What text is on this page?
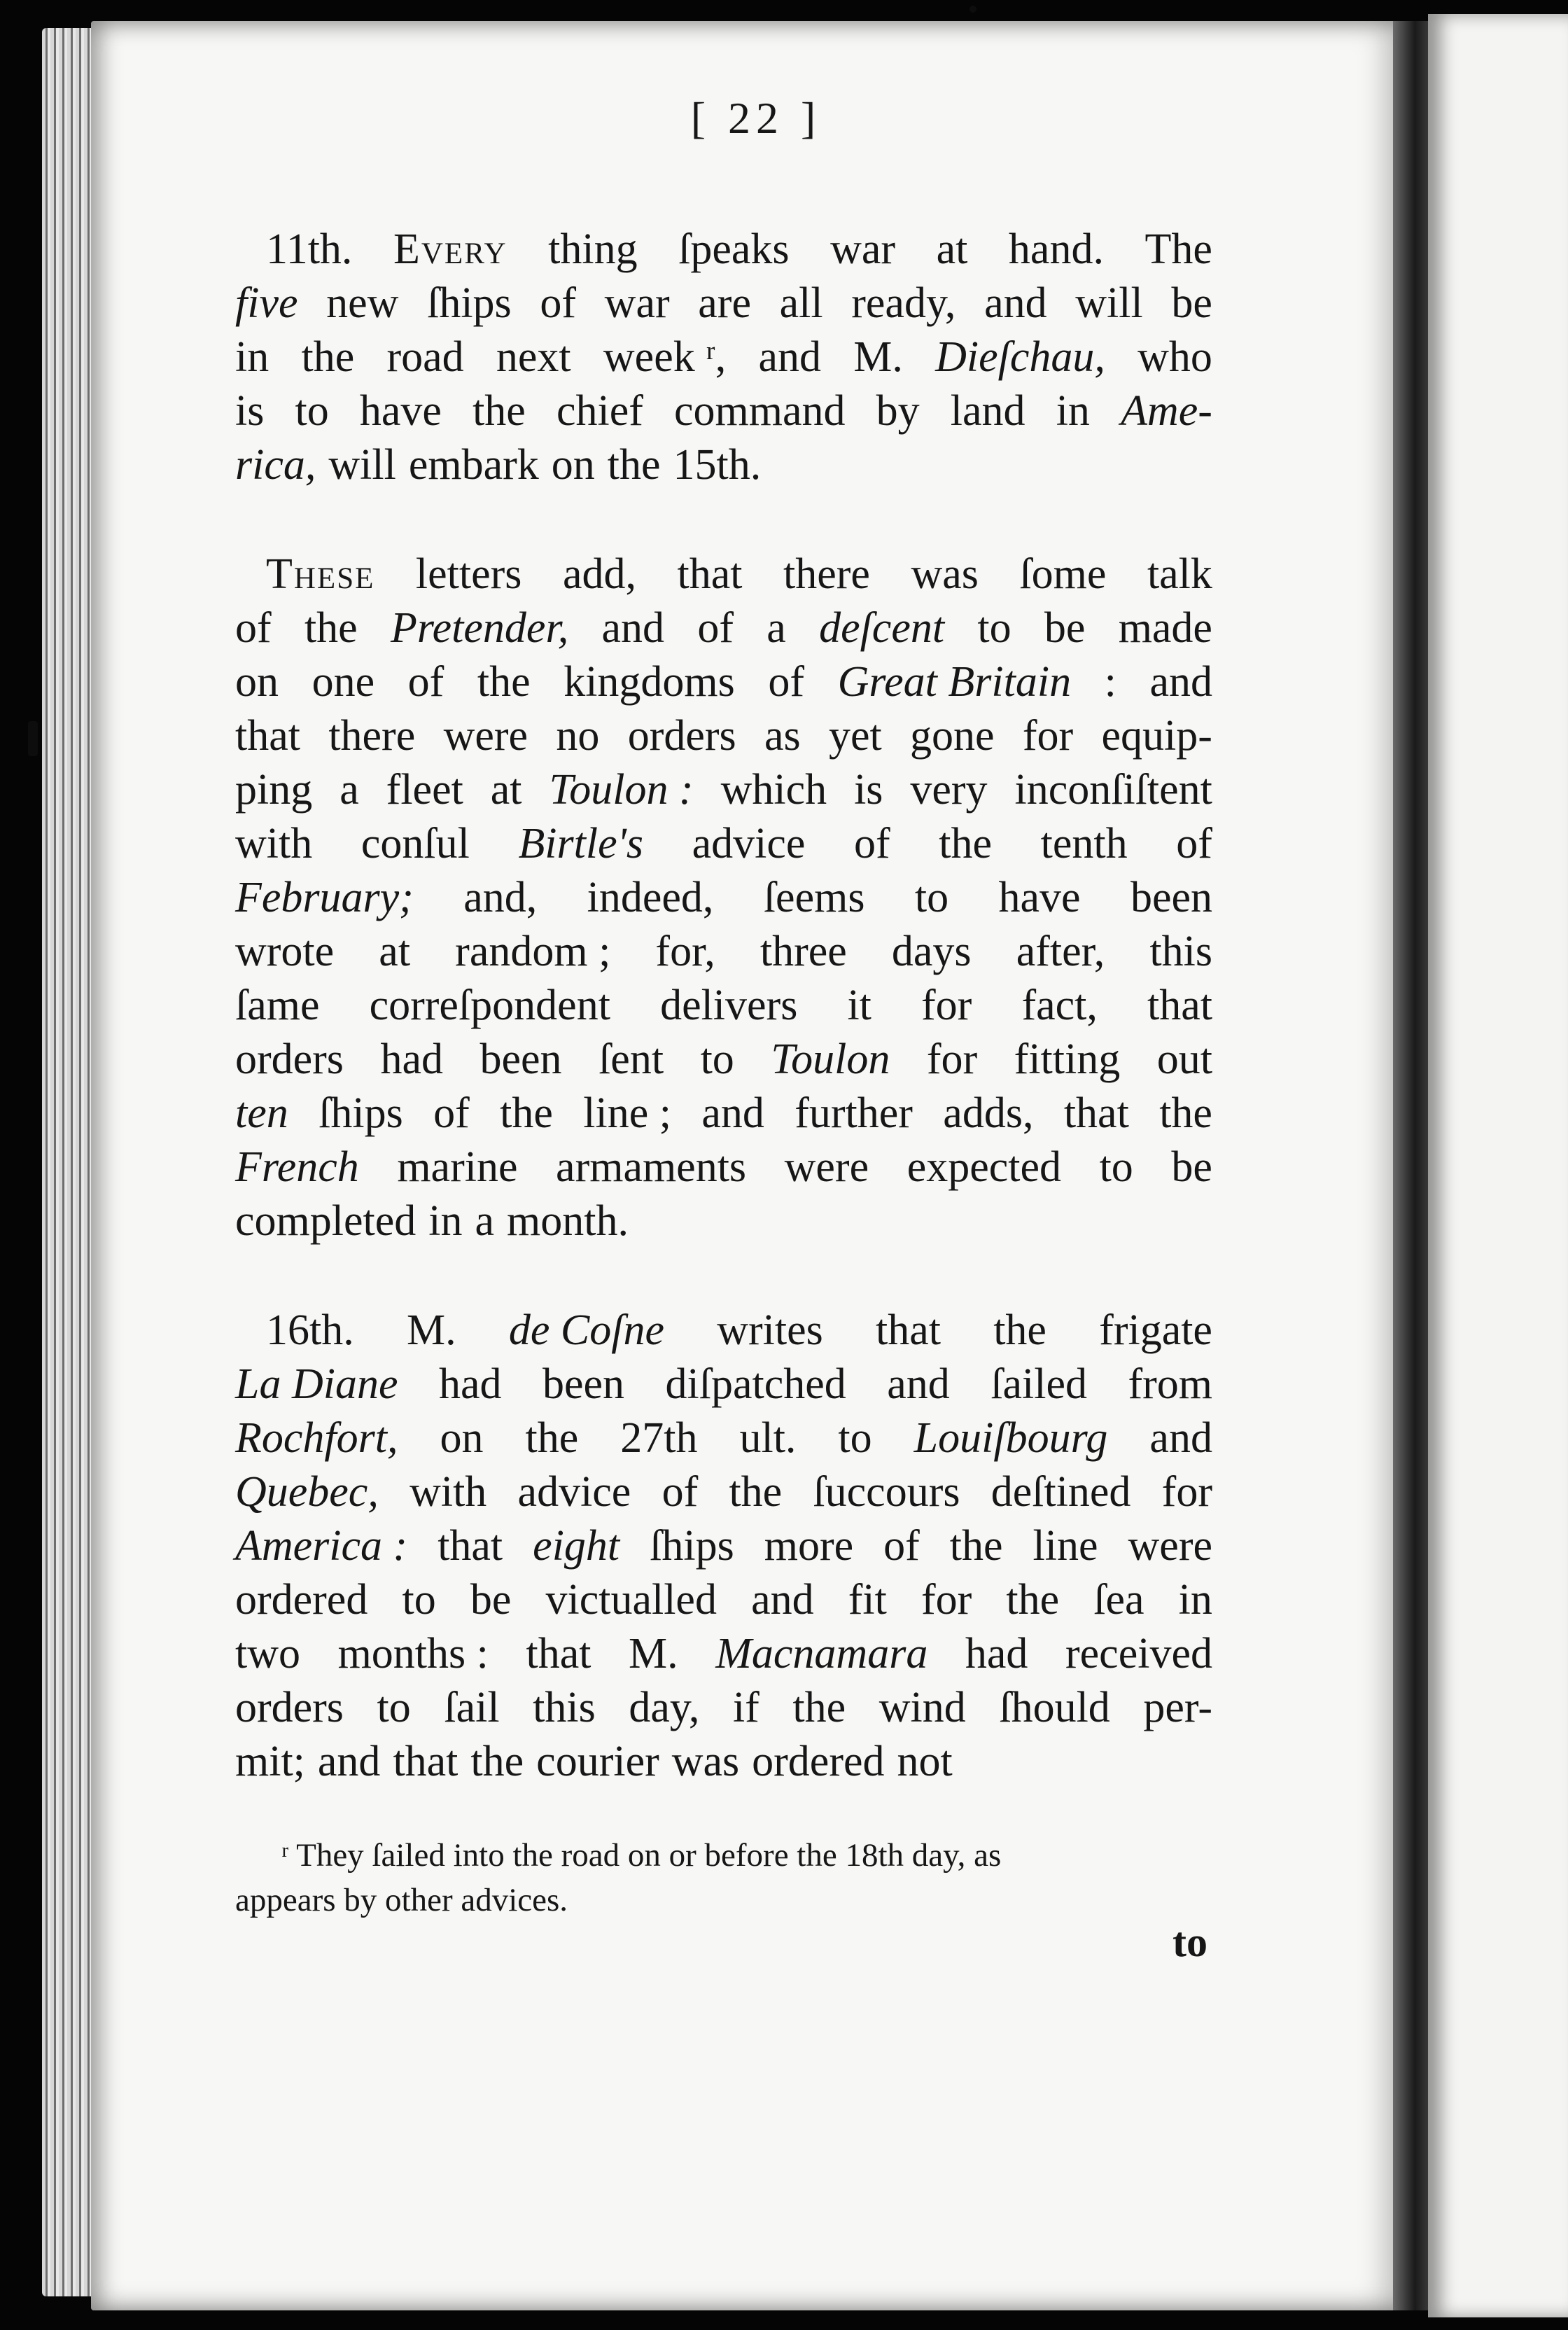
[ 22 ]
11th. Every thing ſpeaks war at hand. The
five new ſhips of war are all ready, and will be
in the road next week ʳ, and M. Dieſchau, who
is to have the chief command by land in Ame-
rica, will embark on the 15th.
These letters add, that there was ſome talk
of the Pretender, and of a deſcent to be made
on one of the kingdoms of Great Britain : and
that there were no orders as yet gone for equip-
ping a fleet at Toulon : which is very inconſiſtent
with conſul Birtle's advice of the tenth of
February; and, indeed, ſeems to have been
wrote at random ; for, three days after, this
ſame correſpondent delivers it for fact, that
orders had been ſent to Toulon for fitting out
ten ſhips of the line ; and further adds, that the
French marine armaments were expected to be
completed in a month.
16th. M. de Coſne writes that the frigate
La Diane had been diſpatched and ſailed from
Rochfort, on the 27th ult. to Louiſbourg and
Quebec, with advice of the ſuccours deſtined for
America : that eight ſhips more of the line were
ordered to be victualled and fit for the ſea in
two months : that M. Macnamara had received
orders to ſail this day, if the wind ſhould per-
mit; and that the courier was ordered not
ʳ They ſailed into the road on or before the 18th day, as
appears by other advices.
to
